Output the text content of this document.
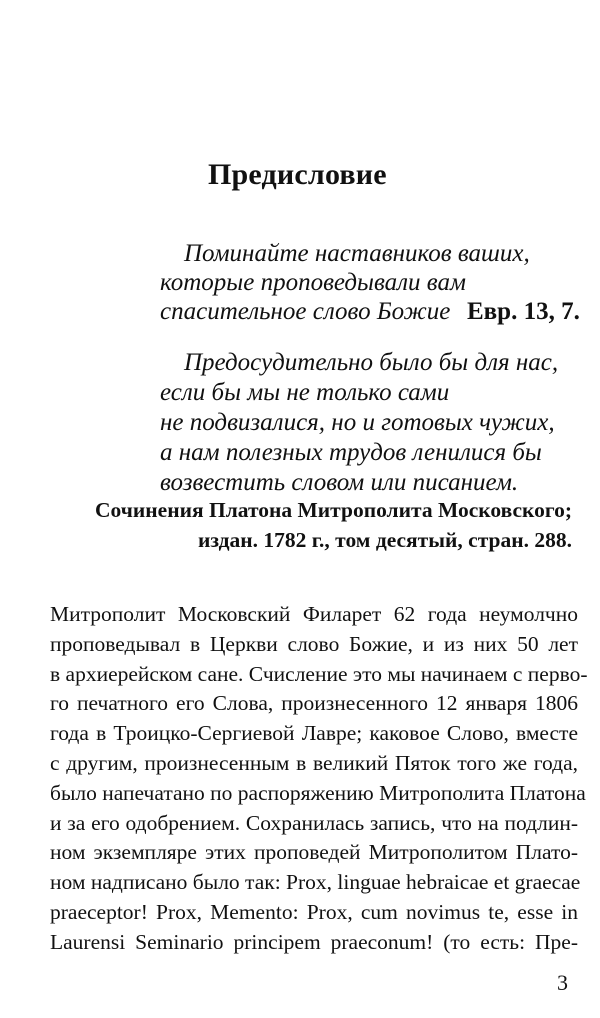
Предисловие
Поминайте наставников ваших,
которые проповедывали вам
спасительное слово Божие Евр. 13, 7.
Предосудительно было бы для нас,
если бы мы не только сами
не подвизалися, но и готовых чужих,
а нам полезных трудов ленилися бы
возвестить словом или писанием.
Сочинения Платона Митрополита Московского;
издан. 1782 г., том десятый, стран. 288.
Митрополит Московский Филарет 62 года неумолчно
проповедывал в Церкви слово Божие, и из них 50 лет
в архиерейском сане. Счисление это мы начинаем с перво-
го печатного его Слова, произнесенного 12 января 1806
года в Троицко-Сергиевой Лавре; каковое Слово, вместе
с другим, произнесенным в великий Пяток того же года,
было напечатано по распоряжению Митрополита Платона
и за его одобрением. Сохранилась запись, что на подлин-
ном экземпляре этих проповедей Митрополитом Плато-
ном надписано было так: Prox, linguae hebraicae et graecae
praeceptor! Prox, Memento: Prox, cum novimus te, esse in
Laurensi Seminario principem praeconum! (то есть: Пре-
3
